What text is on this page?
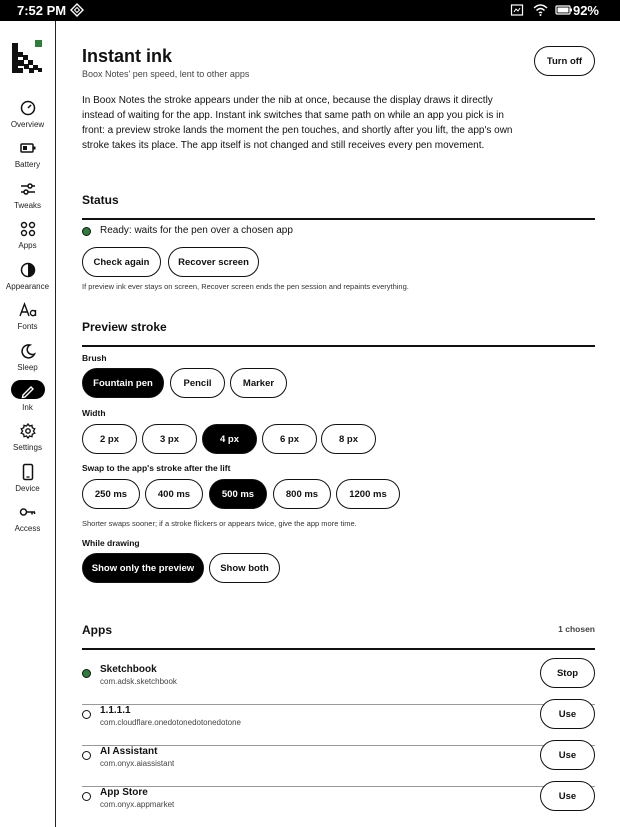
7:52 PM	92%
Overview
Battery
Tweaks
Apps
Appearance
Fonts
Sleep
Ink
Settings
Device
Access
Instant ink
Boox Notes' pen speed, lent to other apps
Turn off

In Boox Notes the stroke appears under the nib at once, because the display draws it directly instead of waiting for the app. Instant ink switches that same path on while an app you pick is in front: a preview stroke lands the moment the pen touches, and shortly after you lift, the app's own stroke takes its place. The app itself is not changed and still receives every pen movement.

Status
Ready: waits for the pen over a chosen app
Check again	Recover screen
If preview ink ever stays on screen, Recover screen ends the pen session and repaints everything.
Preview stroke
Brush
Fountain pen	Pencil	Marker
Width
2 px	3 px	4 px	6 px	8 px
Swap to the app's stroke after the lift
250 ms	400 ms	500 ms	800 ms	1200 ms
Shorter swaps sooner; if a stroke flickers or appears twice, give the app more time.
While drawing
Show only the preview	Show both
Apps	1 chosen
Sketchbook
com.adsk.sketchbook
Stop
1.1.1.1
com.cloudflare.onedotonedotonedotone
Use
AI Assistant
com.onyx.aiassistant
Use
App Store
com.onyx.appmarket
Use
